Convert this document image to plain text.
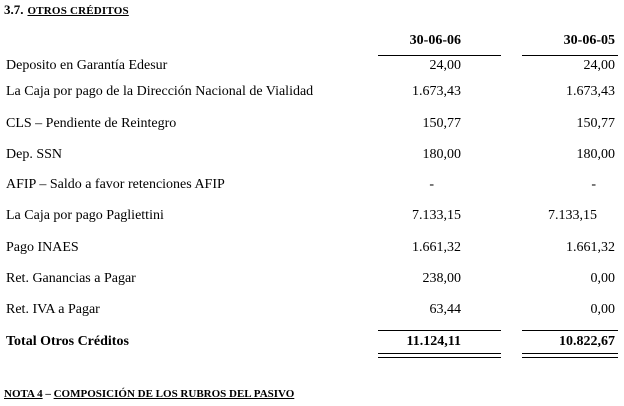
3.7. OTROS CRÉDITOS
30-06-06	30-06-05
Deposito en Garantía Edesur	24,00	24,00
La Caja por pago de la Dirección Nacional de Vialidad	1.673,43	1.673,43
CLS – Pendiente de Reintegro	150,77	150,77
Dep. SSN	180,00	180,00
AFIP – Saldo a favor retenciones AFIP	-	-
La Caja por pago Pagliettini	7.133,15	7.133,15
Pago INAES	1.661,32	1.661,32
Ret. Ganancias a Pagar	238,00	0,00
Ret. IVA a Pagar	63,44	0,00
Total Otros Créditos	11.124,11	10.822,67
NOTA 4 – COMPOSICIÓN DE LOS RUBROS DEL PASIVO
